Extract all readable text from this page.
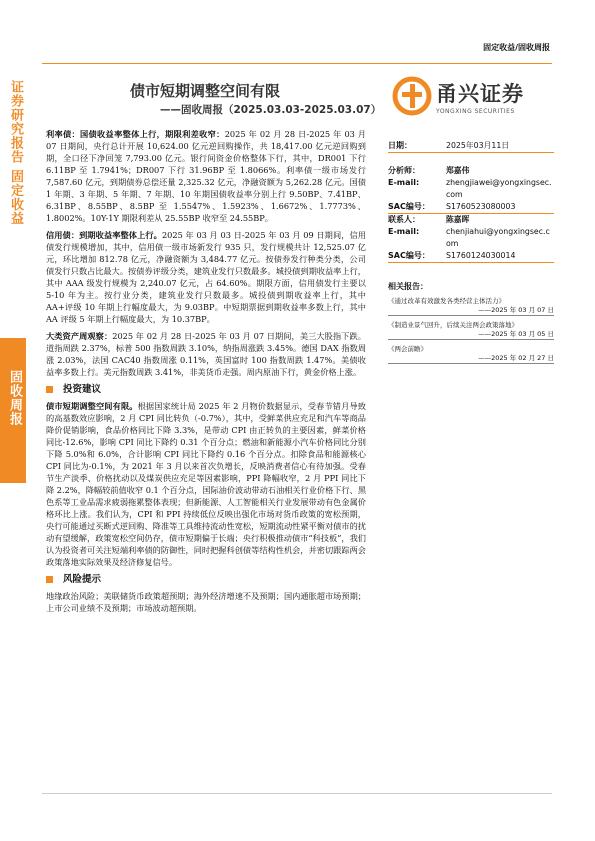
证券研究报告 固定收益
固收周报
固定收益/固收周报
债市短期调整空间有限
——固收周报（2025.03.03-2025.03.07）
甬兴证券
YONGXING SECURITIES

利率债：国债收益率整体上行，期限利差收窄：2025 年 02 月 28 日-2025 年 03 月 07 日期间，央行总计开展 10,624.00 亿元逆回购操作，共 18,417.00 亿元逆回购到期，全口径下净回笼 7,793.00 亿元。银行间资金价格整体下行，其中，DR001 下行 6.11BP 至 1.7941%；DR007 下行 31.96BP 至 1.8066%。利率债一级市场发行 7,587.60 亿元，到期债券总偿还量 2,325.32 亿元，净融资额为 5,262.28 亿元。国债 1 年期、3 年期、5 年期、7 年期、10 年期国债收益率分别上行 9.50BP、7.41BP、6.31BP、8.55BP、8.5BP 至 1.5547%、1.5923%、1.6672%、1.7773%、1.8002%。10Y-1Y 期限利差从 25.55BP 收窄至 24.55BP。

信用债：到期收益率整体上行。2025 年 03 月 03 日-2025 年 03 月 09 日期间，信用债发行规模增加，其中，信用债一级市场新发行 935 只，发行规模共计 12,525.07 亿元，环比增加 812.78 亿元，净融资额为 3,484.77 亿元。按债券发行种类分类，公司债发行只数占比最大。按债券评级分类，建筑业发行只数最多。城投债到期收益率上行，其中 AAA 级发行规模为 2,240.07 亿元，占 64.60%。期限方面，信用债发行主要以 5-10 年为主。按行业分类，建筑业发行只数最多。城投债到期收益率上行，其中 AA+评级 10 年期上行幅度最大，为 9.03BP。中短期票据到期收益率多数上行，其中 AA 评级 5 年期上行幅度最大，为 10.37BP。

大类资产周观察：2025 年 02 月 28 日-2025 年 03 月 07 日期间，美三大股指下跌。道指周跌 2.37%，标普 500 指数周跌 3.10%，纳指周涨跌 3.45%。德国 DAX 指数周涨 2.03%，法国 CAC40 指数周涨 0.11%，英国富时 100 指数周跌 1.47%。美债收益率多数上行。美元指数周跌 3.41%，非美货币走强。周内原油下行，黄金价格上涨。

投资建议

债市短期调整空间有限。根据国家统计局 2025 年 2 月物价数据显示，受春节错月导致的高基数效应影响，2 月 CPI 同比转负（-0.7%），其中，受鲜菜供应充足和汽车等商品降价促销影响，食品价格同比下降 3.3%，是带动 CPI 由正转负的主要因素，鲜菜价格同比-12.6%，影响 CPI 同比下降约 0.31 个百分点；燃油和新能源小汽车价格同比分别下降 5.0%和 6.0%，合计影响 CPI 同比下降约 0.16 个百分点。扣除食品和能源核心 CPI 同比为-0.1%，为 2021 年 3 月以来首次负增长，反映消费者信心有待加强。受春节生产淡季、价格扰动以及煤炭供应充足等因素影响，PPI 降幅收窄，2 月 PPI 同比下降 2.2%，降幅较前值收窄 0.1 个百分点，国际油价波动带动石油相关行业价格下行、黑色系等工业品需求疲弱拖累整体表现；但新能源、人工智能相关行业发展带动有色金属价格环比上涨。我们认为，CPI 和 PPI 持续低位反映出强化市场对货币政策的宽松预期，央行可能通过买断式逆回购、降准等工具维持流动性宽松，短期流动性紧平衡对债市的扰动有望缓解，政策宽松空间仍存，债市短期偏于长端；央行积极推动债市“科技板”，我们认为投资者可关注短端利率债的防御性，同时把握科创债等结构性机会，并密切跟踪两会政策落地实际效果及经济修复信号。

风险提示

地缘政治风险；美联储货币政策超预期；海外经济增速不及预期；国内通胀超市场预期；上市公司业绩不及预期；市场波动超预期。

日期：	2025年03月11日
分析师：	郑嘉伟
E-mail:	zhengjiawei@yongxingsec.com
SAC编号：	S1760523080003
联系人：	陈嘉晖
E-mail:	chenjiahui@yongxingsec.com
SAC编号：	S1760124030014
相关报告：
《通过改革有效激发各类经营主体活力》
——2025 年 03 月 07 日
《制造业景气回升，后续关注两会政策落地》
——2025 年 03 月 05 日
《两会前瞻》
——2025 年 02 月 27 日
